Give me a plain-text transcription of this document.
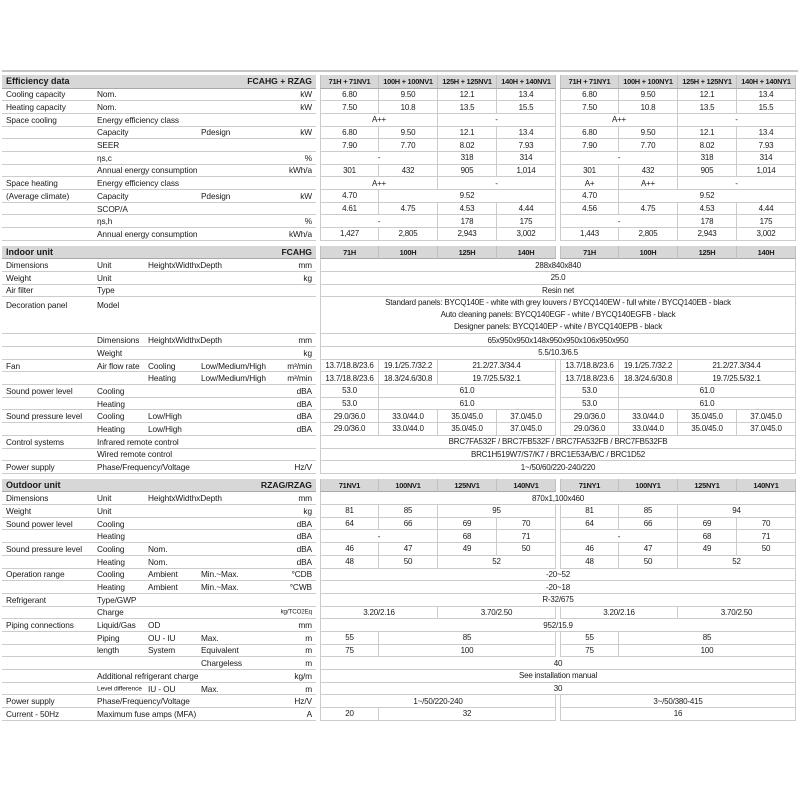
Efficiency data	FCAHG + RZAG	71H + 71NV1	100H + 100NV1	125H + 125NV1	140H + 140NV1	71H + 71NY1	100H + 100NY1	125H + 125NY1	140H + 140NY1
Cooling capacity	Nom.	kW	6.80	9.50	12.1	13.4	6.80	9.50	12.1	13.4
Heating capacity	Nom.	kW	7.50	10.8	13.5	15.5	7.50	10.8	13.5	15.5
Space cooling	Energy efficiency class	A++	-	A++	-
Capacity	Pdesign	kW	6.80	9.50	12.1	13.4	6.80	9.50	12.1	13.4
SEER	7.90	7.70	8.02	7.93	7.90	7.70	8.02	7.93
ηs,c	%	-	318	314	-	318	314
Annual energy consumption	kWh/a	301	432	905	1,014	301	432	905	1,014
Space heating	Energy efficiency class	A++	-	A+	A++	-
(Average climate)	Capacity	Pdesign	kW	4.70	9.52	4.70	9.52
SCOP/A	4.61	4.75	4.53	4.44	4.56	4.75	4.53	4.44
ηs,h	%	-	178	175	-	178	175
Annual energy consumption	kWh/a	1,427	2,805	2,943	3,002	1,443	2,805	2,943	3,002
Indoor unit	FCAHG	71H	100H	125H	140H	71H	100H	125H	140H
Dimensions	Unit	HeightxWidthxDepth	mm	288x840x840
Weight	Unit	kg	25.0
Air filter	Type	Resin net
Decoration panel	Model	Standard panels: BYCQ140E - white with grey louvers / BYCQ140EW - full white / BYCQ140EB - black
Auto cleaning panels: BYCQ140EGF - white / BYCQ140EGFB - black
Designer panels: BYCQ140EP - white / BYCQ140EPB - black
Dimensions HeightxWidthxDepth	mm	65x950x950x148x950x950x106x950x950
Weight	kg	5.5/10.3/6.5
Fan	Air flow rate Cooling	Low/Medium/High	m³/min	13.7/18.8/23.6	19.1/25.7/32.2	21.2/27.3/34.4	13.7/18.8/23.6	19.1/25.7/32.2	21.2/27.3/34.4
Heating	Low/Medium/High	m³/min	13.7/18.8/23.6	18.3/24.6/30.8	19.7/25.5/32.1	13.7/18.8/23.6	18.3/24.6/30.8	19.7/25.5/32.1
Sound power level	Cooling	dBA	53.0	61.0	53.0	61.0
Heating	dBA	53.0	61.0	53.0	61.0
Sound pressure level Cooling	Low/High	dBA	29.0/36.0	33.0/44.0	35.0/45.0	37.0/45.0	29.0/36.0	33.0/44.0	35.0/45.0	37.0/45.0
Heating	Low/High	dBA	29.0/36.0	33.0/44.0	35.0/45.0	37.0/45.0	29.0/36.0	33.0/44.0	35.0/45.0	37.0/45.0
Control systems	Infrared remote control	BRC7FA532F / BRC7FB532F / BRC7FA532FB / BRC7FB532FB
Wired remote control	BRC1H519W7/S7/K7 / BRC1E53A/B/C / BRC1D52
Power supply	Phase/Frequency/Voltage	Hz/V	1~/50/60/220-240/220
Outdoor unit	RZAG/RZAG	71NV1	100NV1	125NV1	140NV1	71NY1	100NY1	125NY1	140NY1
Dimensions	Unit	HeightxWidthxDepth	mm	870x1,100x460
Weight	Unit	kg	81	85	95	81	85	94
Sound power level	Cooling	dBA	64	66	69	70	64	66	69	70
Heating	dBA	-	68	71	-	68	71
Sound pressure level Cooling	Nom.	dBA	46	47	49	50	46	47	49	50
Heating	Nom.	dBA	48	50	52	48	50	52
Operation range	Cooling	Ambient	Min.~Max.	°CDB	-20~52
Heating	Ambient	Min.~Max.	°CWB	-20~18
Refrigerant	Type/GWP	R-32/675
Charge	kg/TCO2Eq	3.20/2.16	3.70/2.50	3.20/2.16	3.70/2.50
Piping connections	Liquid/Gas OD	mm	952/15.9
Piping	OU - IU	Max.	m	55	85	55	85
length	System	Equivalent	m	75	100	75	100
Chargeless	m	40
Additional refrigerant charge	kg/m	See installation manual
Level difference IU - OU	Max.	m	30
Power supply	Phase/Frequency/Voltage	Hz/V	1~/50/220-240	3~/50/380-415
Current - 50Hz	Maximum fuse amps (MFA)	A	20	32	16
